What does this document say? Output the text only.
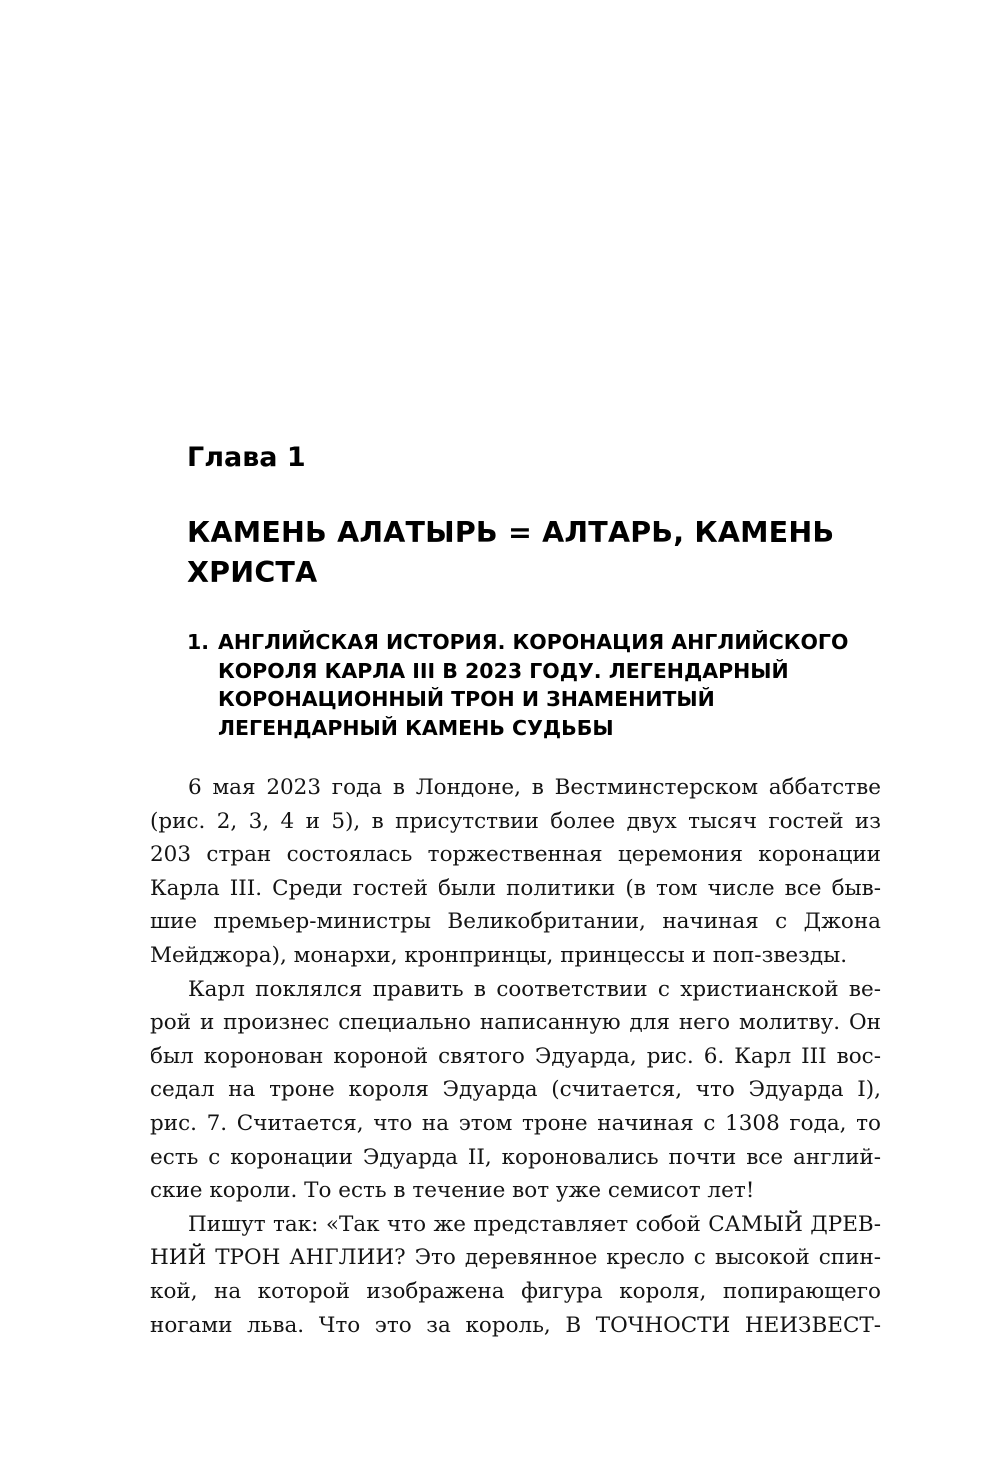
Глава 1
КАМЕНЬ АЛАТЫРЬ = АЛТАРЬ, КАМЕНЬ
ХРИСТА
1. АНГЛИЙСКАЯ ИСТОРИЯ. КОРОНАЦИЯ АНГЛИЙСКОГО
КОРОЛЯ КАРЛА III В 2023 ГОДУ. ЛЕГЕНДАРНЫЙ
КОРОНАЦИОННЫЙ ТРОН И ЗНАМЕНИТЫЙ
ЛЕГЕНДАРНЫЙ КАМЕНЬ СУДЬБЫ
6 мая 2023 года в Лондоне, в Вестминстерском аббатстве
(рис. 2, 3, 4 и 5), в присутствии более двух тысяч гостей из
203 стран состоялась торжественная церемония коронации
Карла III. Среди гостей были политики (в том числе все быв-
шие премьер-министры Великобритании, начиная с Джона
Мейджора), монархи, кронпринцы, принцессы и поп-звезды.
Карл поклялся править в соответствии с христианской ве-
рой и произнес специально написанную для него молитву. Он
был коронован короной святого Эдуарда, рис. 6. Карл III вос-
седал на троне короля Эдуарда (считается, что Эдуарда I),
рис. 7. Считается, что на этом троне начиная с 1308 года, то
есть с коронации Эдуарда II, короновались почти все англий-
ские короли. То есть в течение вот уже семисот лет!
Пишут так: «Так что же представляет собой САМЫЙ ДРЕВ-
НИЙ ТРОН АНГЛИИ? Это деревянное кресло с высокой спин-
кой, на которой изображена фигура короля, попирающего
ногами льва. Что это за король, В ТОЧНОСТИ НЕИЗВЕСТ-
